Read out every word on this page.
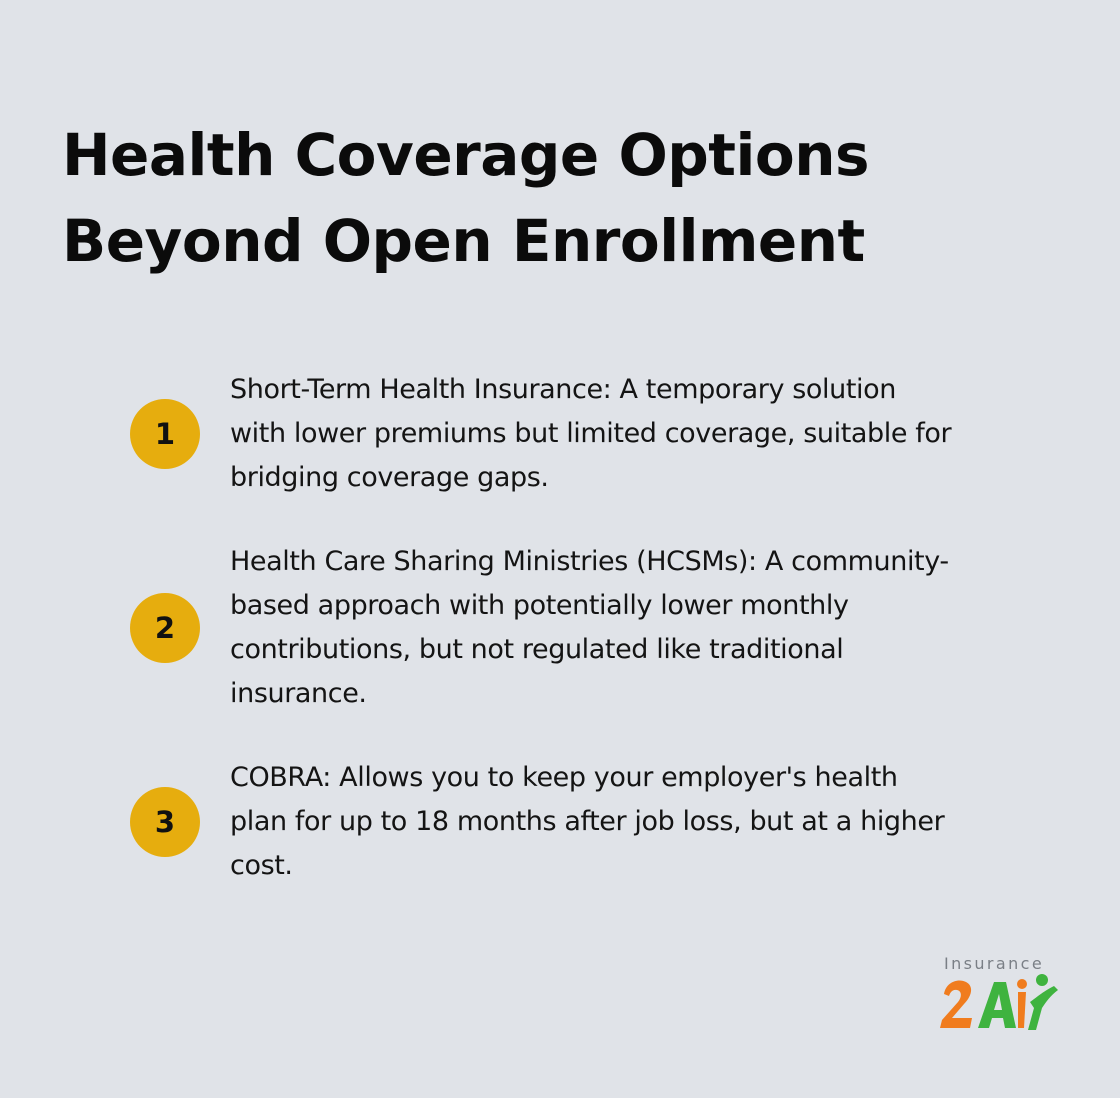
Health Coverage Options
Beyond Open Enrollment
1

Short-Term Health Insurance: A temporary solution
with lower premiums but limited coverage, suitable for
bridging coverage gaps.

2

Health Care Sharing Ministries (HCSMs): A community-
based approach with potentially lower monthly
contributions, but not regulated like traditional
insurance.

3

COBRA: Allows you to keep your employer's health
plan for up to 18 months after job loss, but at a higher
cost.

Insurance
